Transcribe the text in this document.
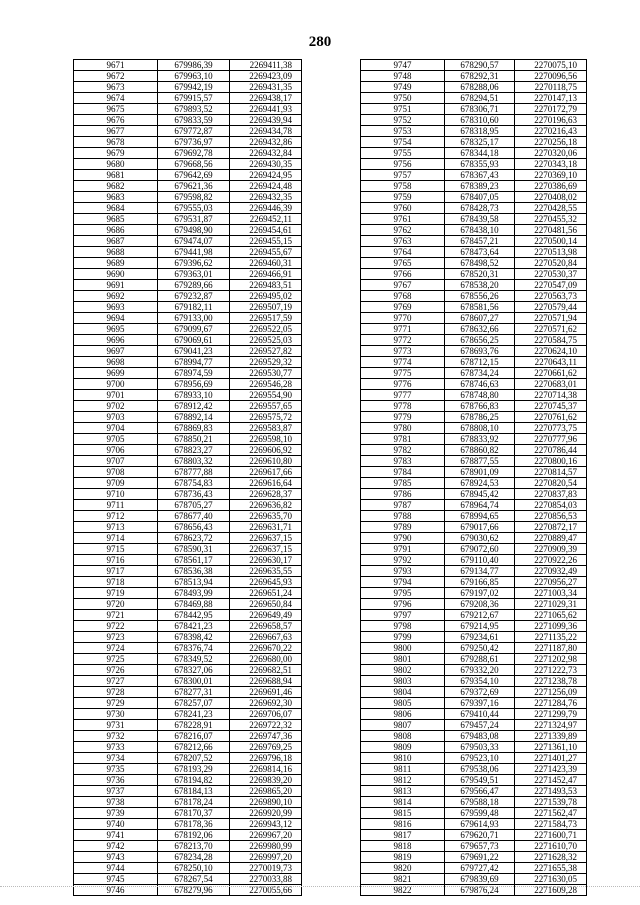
280
9671	679986,39	2269411,38
9672	679963,10	2269423,09
9673	679942,19	2269431,35
9674	679915,57	2269438,17
9675	679893,52	2269441,93
9676	679833,59	2269439,94
9677	679772,87	2269434,78
9678	679736,97	2269432,86
9679	679692,78	2269432,84
9680	679668,56	2269430,35
9681	679642,69	2269424,95
9682	679621,36	2269424,48
9683	679598,82	2269432,35
9684	679555,03	2269446,39
9685	679531,87	2269452,11
9686	679498,90	2269454,61
9687	679474,07	2269455,15
9688	679441,98	2269455,67
9689	679396,62	2269460,31
9690	679363,01	2269466,91
9691	679289,66	2269483,51
9692	679232,87	2269495,02
9693	679182,11	2269507,19
9694	679133,00	2269517,59
9695	679099,67	2269522,05
9696	679069,61	2269525,03
9697	679041,23	2269527,82
9698	678994,77	2269529,32
9699	678974,59	2269530,77
9700	678956,69	2269546,28
9701	678933,10	2269554,90
9702	678912,42	2269557,65
9703	678892,14	2269575,72
9704	678869,83	2269583,87
9705	678850,21	2269598,10
9706	678823,27	2269606,92
9707	678803,32	2269610,80
9708	678777,88	2269617,66
9709	678754,83	2269616,64
9710	678736,43	2269628,37
9711	678705,27	2269636,82
9712	678677,40	2269635,70
9713	678656,43	2269631,71
9714	678623,72	2269637,15
9715	678590,31	2269637,15
9716	678561,17	2269630,17
9717	678536,38	2269635,55
9718	678513,94	2269645,93
9719	678493,99	2269651,24
9720	678469,88	2269650,84
9721	678442,95	2269649,49
9722	678421,23	2269658,57
9723	678398,42	2269667,63
9724	678376,74	2269670,22
9725	678349,52	2269680,00
9726	678327,06	2269682,51
9727	678300,01	2269688,94
9728	678277,31	2269691,46
9729	678257,07	2269692,30
9730	678241,23	2269706,07
9731	678228,91	2269722,32
9732	678216,07	2269747,36
9733	678212,66	2269769,25
9734	678207,52	2269796,18
9735	678193,29	2269814,16
9736	678194,82	2269839,20
9737	678184,13	2269865,20
9738	678178,24	2269890,10
9739	678170,37	2269920,99
9740	678178,36	2269943,12
9741	678192,06	2269967,20
9742	678213,70	2269980,99
9743	678234,28	2269997,20
9744	678250,10	2270019,73
9745	678267,54	2270033,88
9746	678279,96	2270055,66
9747	678290,57	2270075,10
9748	678292,31	2270096,56
9749	678288,06	2270118,75
9750	678294,51	2270147,13
9751	678306,71	2270172,79
9752	678310,60	2270196,63
9753	678318,95	2270216,43
9754	678325,17	2270256,18
9755	678344,18	2270320,06
9756	678355,93	2270343,18
9757	678367,43	2270369,10
9758	678389,23	2270386,69
9759	678407,05	2270408,02
9760	678428,73	2270428,55
9761	678439,58	2270455,32
9762	678438,10	2270481,56
9763	678457,21	2270500,14
9764	678473,64	2270513,98
9765	678498,52	2270520,84
9766	678520,31	2270530,37
9767	678538,20	2270547,09
9768	678556,26	2270563,73
9769	678581,56	2270579,44
9770	678607,27	2270571,94
9771	678632,66	2270571,62
9772	678656,25	2270584,75
9773	678693,76	2270624,10
9774	678712,15	2270643,11
9775	678734,24	2270661,62
9776	678746,63	2270683,01
9777	678748,80	2270714,38
9778	678766,83	2270745,37
9779	678786,25	2270761,62
9780	678808,10	2270773,75
9781	678833,92	2270777,96
9782	678860,82	2270786,44
9783	678877,55	2270800,16
9784	678901,09	2270814,57
9785	678924,53	2270820,54
9786	678945,42	2270837,83
9787	678964,74	2270854,03
9788	678994,65	2270856,53
9789	679017,66	2270872,17
9790	679030,62	2270889,47
9791	679072,60	2270909,39
9792	679110,40	2270922,26
9793	679134,77	2270932,49
9794	679166,85	2270956,27
9795	679197,02	2271003,34
9796	679208,36	2271029,31
9797	679212,67	2271065,62
9798	679214,95	2271099,36
9799	679234,61	2271135,22
9800	679250,42	2271187,80
9801	679288,61	2271202,98
9802	679332,20	2271222,73
9803	679354,10	2271238,78
9804	679372,69	2271256,09
9805	679397,16	2271284,76
9806	679410,44	2271299,79
9807	679457,24	2271324,97
9808	679483,08	2271339,89
9809	679503,33	2271361,10
9810	679523,10	2271401,27
9811	679538,06	2271423,39
9812	679549,51	2271452,47
9813	679566,47	2271493,53
9814	679588,18	2271539,78
9815	679599,48	2271562,47
9816	679614,93	2271584,73
9817	679620,71	2271600,71
9818	679657,73	2271610,70
9819	679691,22	2271628,32
9820	679727,42	2271655,38
9821	679839,69	2271630,05
9822	679876,24	2271609,28
